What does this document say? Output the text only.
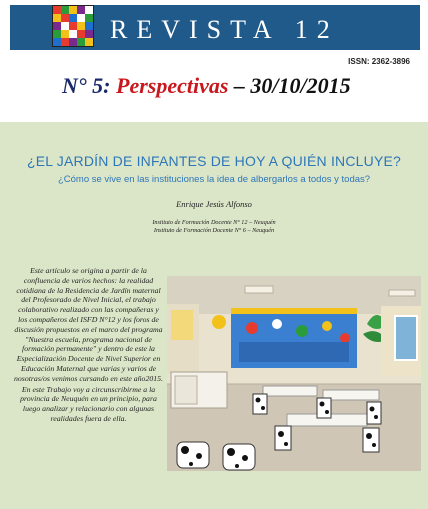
REVISTA 12
ISSN: 2362-3896
N° 5: Perspectivas – 30/10/2015
¿EL JARDÍN DE INFANTES DE HOY A QUIÉN INCLUYE?
¿Cómo se vive en las instituciones la idea de albergarlos a todos y todas?
Enrique Jesús Alfonso
Instituto de Formación Docente N° 12 – Neuquén
Instituto de Formación Docente N° 6 – Neuquén

Este artículo se origina a partir de la confluencia de varios hechos: la realidad cotidiana de la Residencia de Jardín maternal del Profesorado de Nivel Inicial, el trabajo colaborativo realizado con las compañeras y los compañeros del ISFD N°12 y los foros de discusión propuestos en el marco del programa "Nuestra escuela, programa nacional de formación permanente" y dentro de este la Especialización Docente de Nivel Superior en Educación Maternal que varias y varios de nosotras/os venimos cursando en este año2015.

En este Trabajo voy a circunscribirme a la provincia de Neuquén en un principio, para luego analizar y relacionario con algunas realidades fuera de ella.
